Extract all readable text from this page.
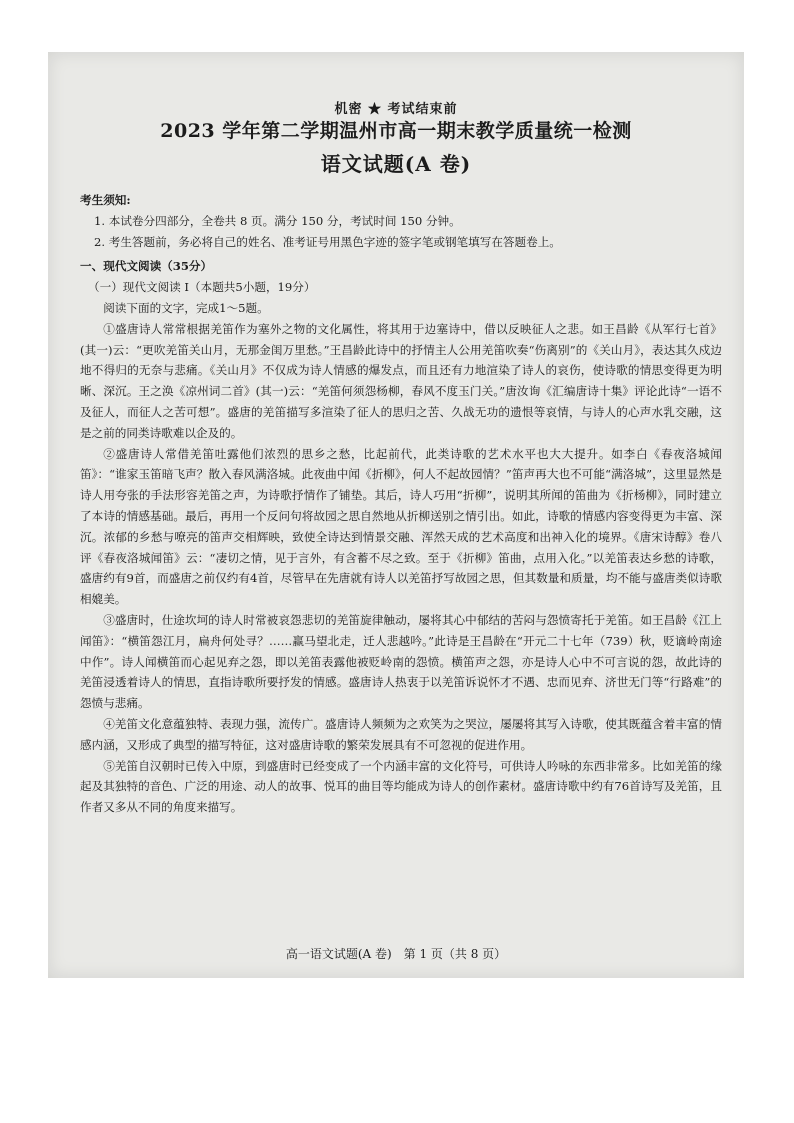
机密 ★ 考试结束前
2023 学年第二学期温州市高一期末教学质量统一检测
语文试题(A 卷)
考生须知:
1. 本试卷分四部分，全卷共 8 页。满分 150 分，考试时间 150 分钟。
2. 考生答题前，务必将自己的姓名、准考证号用黑色字迹的签字笔或钢笔填写在答题卷上。
一、现代文阅读（35分）
（一）现代文阅读 I（本题共5小题，19分）
阅读下面的文字，完成1～5题。
①盛唐诗人常常根据羌笛作为塞外之物的文化属性，将其用于边塞诗中，借以反映征人之悲。如王昌龄《从军行七首》(其一)云：“更吹羌笛关山月，无那金闺万里愁。”王昌龄此诗中的抒情主人公用羌笛吹奏“伤离别”的《关山月》，表达其久戍边地不得归的无奈与悲痛。《关山月》不仅成为诗人情感的爆发点，而且还有力地渲染了诗人的哀伤，使诗歌的情思变得更为明晰、深沉。王之涣《凉州词二首》(其一)云：“羌笛何须怨杨柳，春风不度玉门关。”唐汝询《汇编唐诗十集》评论此诗“一语不及征人，而征人之苦可想”。盛唐的羌笛描写多渲染了征人的思归之苦、久战无功的遗恨等哀情，与诗人的心声水乳交融，这是之前的同类诗歌难以企及的。
②盛唐诗人常借羌笛吐露他们浓烈的思乡之愁，比起前代，此类诗歌的艺术水平也大大提升。如李白《春夜洛城闻笛》：“谁家玉笛暗飞声？散入春风满洛城。此夜曲中闻《折柳》，何人不起故园情？”笛声再大也不可能“满洛城”，这里显然是诗人用夸张的手法形容羌笛之声，为诗歌抒情作了铺垫。其后，诗人巧用“折柳”，说明其所闻的笛曲为《折杨柳》，同时建立了本诗的情感基础。最后，再用一个反问句将故园之思自然地从折柳送别之情引出。如此，诗歌的情感内容变得更为丰富、深沉。浓郁的乡愁与嘹亮的笛声交相辉映，致使全诗达到情景交融、浑然天成的艺术高度和出神入化的境界。《唐宋诗醇》卷八评《春夜洛城闻笛》云：“凄切之情，见于言外，有含蓄不尽之致。至于《折柳》笛曲，点用入化。”以羌笛表达乡愁的诗歌，盛唐约有9首，而盛唐之前仅约有4首，尽管早在先唐就有诗人以羌笛抒写故园之思，但其数量和质量，均不能与盛唐类似诗歌相媲美。
③盛唐时，仕途坎坷的诗人时常被哀怨悲切的羌笛旋律触动，屡将其心中郁结的苦闷与怨愤寄托于羌笛。如王昌龄《江上闻笛》：“横笛怨江月，扁舟何处寻？……赢马望北走，迁人悲越吟。”此诗是王昌龄在“开元二十七年（739）秋，贬谪岭南途中作”。诗人闻横笛而心起见弃之怨，即以羌笛表露他被贬岭南的怨愤。横笛声之怨，亦是诗人心中不可言说的怨，故此诗的羌笛浸透着诗人的情思，直指诗歌所要抒发的情感。盛唐诗人热衷于以羌笛诉说怀才不遇、忠而见弃、济世无门等“行路难”的怨愤与悲痛。
④羌笛文化意蕴独特、表现力强，流传广。盛唐诗人频频为之欢笑为之哭泣，屡屡将其写入诗歌，使其既蕴含着丰富的情感内涵，又形成了典型的描写特征，这对盛唐诗歌的繁荣发展具有不可忽视的促进作用。
⑤羌笛自汉朝时已传入中原，到盛唐时已经变成了一个内涵丰富的文化符号，可供诗人吟咏的东西非常多。比如羌笛的缘起及其独特的音色、广泛的用途、动人的故事、悦耳的曲目等均能成为诗人的创作素材。盛唐诗歌中约有76首诗写及羌笛，且作者又多从不同的角度来描写。
高一语文试题(A 卷)　第 1 页（共 8 页）
